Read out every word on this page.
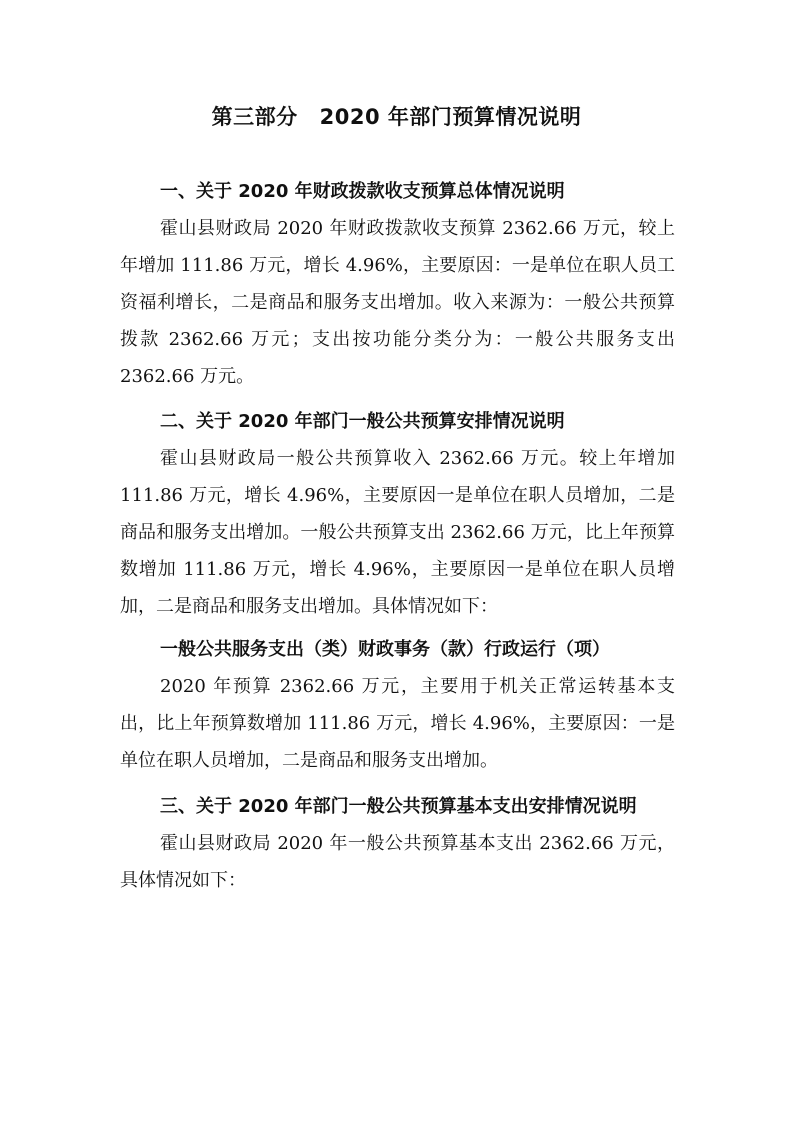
第三部分 2020 年部门预算情况说明

一、关于 2020 年财政拨款收支预算总体情况说明

霍山县财政局 2020 年财政拨款收支预算 2362.66 万元，较上年增加 111.86 万元，增长 4.96%，主要原因：一是单位在职人员工资福利增长，二是商品和服务支出增加。收入来源为：一般公共预算拨款 2362.66 万元；支出按功能分类分为：一般公共服务支出 2362.66 万元。

二、关于 2020 年部门一般公共预算安排情况说明

霍山县财政局一般公共预算收入 2362.66 万元。较上年增加 111.86 万元，增长 4.96%，主要原因一是单位在职人员增加，二是商品和服务支出增加。一般公共预算支出 2362.66 万元，比上年预算数增加 111.86 万元，增长 4.96%，主要原因一是单位在职人员增加，二是商品和服务支出增加。具体情况如下：

一般公共服务支出（类）财政事务（款）行政运行（项）

2020 年预算 2362.66 万元，主要用于机关正常运转基本支出，比上年预算数增加 111.86 万元，增长 4.96%，主要原因：一是单位在职人员增加，二是商品和服务支出增加。

三、关于 2020 年部门一般公共预算基本支出安排情况说明

霍山县财政局 2020 年一般公共预算基本支出 2362.66 万元，具体情况如下：
